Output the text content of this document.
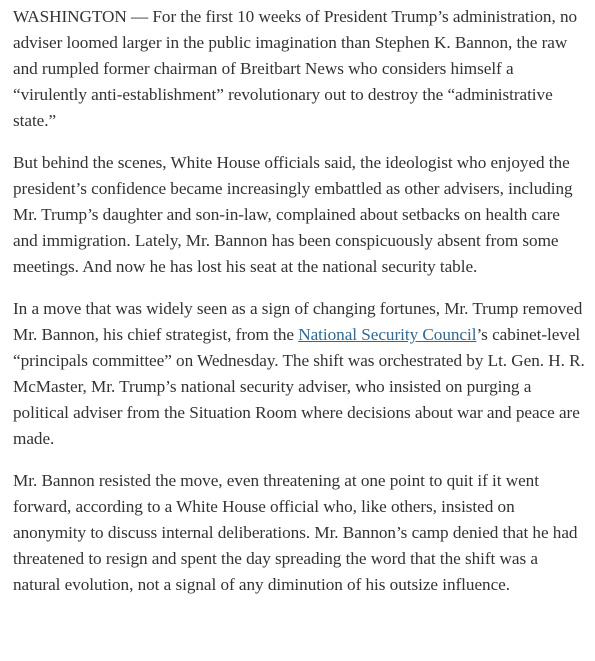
WASHINGTON — For the first 10 weeks of President Trump’s administration, no adviser loomed larger in the public imagination than Stephen K. Bannon, the raw and rumpled former chairman of Breitbart News who considers himself a “virulently anti-establishment” revolutionary out to destroy the “administrative state.”

But behind the scenes, White House officials said, the ideologist who enjoyed the president’s confidence became increasingly embattled as other advisers, including Mr. Trump’s daughter and son-in-law, complained about setbacks on health care and immigration. Lately, Mr. Bannon has been conspicuously absent from some meetings. And now he has lost his seat at the national security table.

In a move that was widely seen as a sign of changing fortunes, Mr. Trump removed Mr. Bannon, his chief strategist, from the National Security Council’s cabinet-level “principals committee” on Wednesday. The shift was orchestrated by Lt. Gen. H. R. McMaster, Mr. Trump’s national security adviser, who insisted on purging a political adviser from the Situation Room where decisions about war and peace are made.

Mr. Bannon resisted the move, even threatening at one point to quit if it went forward, according to a White House official who, like others, insisted on anonymity to discuss internal deliberations. Mr. Bannon’s camp denied that he had threatened to resign and spent the day spreading the word that the shift was a natural evolution, not a signal of any diminution of his outsize influence.
